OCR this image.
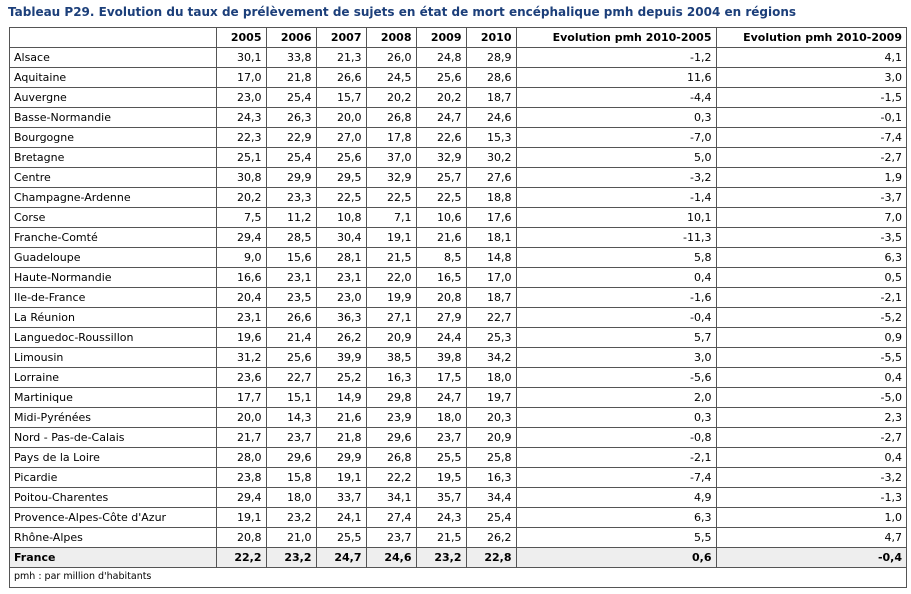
Tableau P29. Evolution du taux de prélèvement de sujets en état de mort encéphalique pmh depuis 2004 en régions
	2005	2006	2007	2008	2009	2010	Evolution pmh 2010-2005	Evolution pmh 2010-2009
Alsace	30,1	33,8	21,3	26,0	24,8	28,9	-1,2	4,1
Aquitaine	17,0	21,8	26,6	24,5	25,6	28,6	11,6	3,0
Auvergne	23,0	25,4	15,7	20,2	20,2	18,7	-4,4	-1,5
Basse-Normandie	24,3	26,3	20,0	26,8	24,7	24,6	0,3	-0,1
Bourgogne	22,3	22,9	27,0	17,8	22,6	15,3	-7,0	-7,4
Bretagne	25,1	25,4	25,6	37,0	32,9	30,2	5,0	-2,7
Centre	30,8	29,9	29,5	32,9	25,7	27,6	-3,2	1,9
Champagne-Ardenne	20,2	23,3	22,5	22,5	22,5	18,8	-1,4	-3,7
Corse	7,5	11,2	10,8	7,1	10,6	17,6	10,1	7,0
Franche-Comté	29,4	28,5	30,4	19,1	21,6	18,1	-11,3	-3,5
Guadeloupe	9,0	15,6	28,1	21,5	8,5	14,8	5,8	6,3
Haute-Normandie	16,6	23,1	23,1	22,0	16,5	17,0	0,4	0,5
Ile-de-France	20,4	23,5	23,0	19,9	20,8	18,7	-1,6	-2,1
La Réunion	23,1	26,6	36,3	27,1	27,9	22,7	-0,4	-5,2
Languedoc-Roussillon	19,6	21,4	26,2	20,9	24,4	25,3	5,7	0,9
Limousin	31,2	25,6	39,9	38,5	39,8	34,2	3,0	-5,5
Lorraine	23,6	22,7	25,2	16,3	17,5	18,0	-5,6	0,4
Martinique	17,7	15,1	14,9	29,8	24,7	19,7	2,0	-5,0
Midi-Pyrénées	20,0	14,3	21,6	23,9	18,0	20,3	0,3	2,3
Nord - Pas-de-Calais	21,7	23,7	21,8	29,6	23,7	20,9	-0,8	-2,7
Pays de la Loire	28,0	29,6	29,9	26,8	25,5	25,8	-2,1	0,4
Picardie	23,8	15,8	19,1	22,2	19,5	16,3	-7,4	-3,2
Poitou-Charentes	29,4	18,0	33,7	34,1	35,7	34,4	4,9	-1,3
Provence-Alpes-Côte d'Azur	19,1	23,2	24,1	27,4	24,3	25,4	6,3	1,0
Rhône-Alpes	20,8	21,0	25,5	23,7	21,5	26,2	5,5	4,7
France	22,2	23,2	24,7	24,6	23,2	22,8	0,6	-0,4
pmh : par million d'habitants
